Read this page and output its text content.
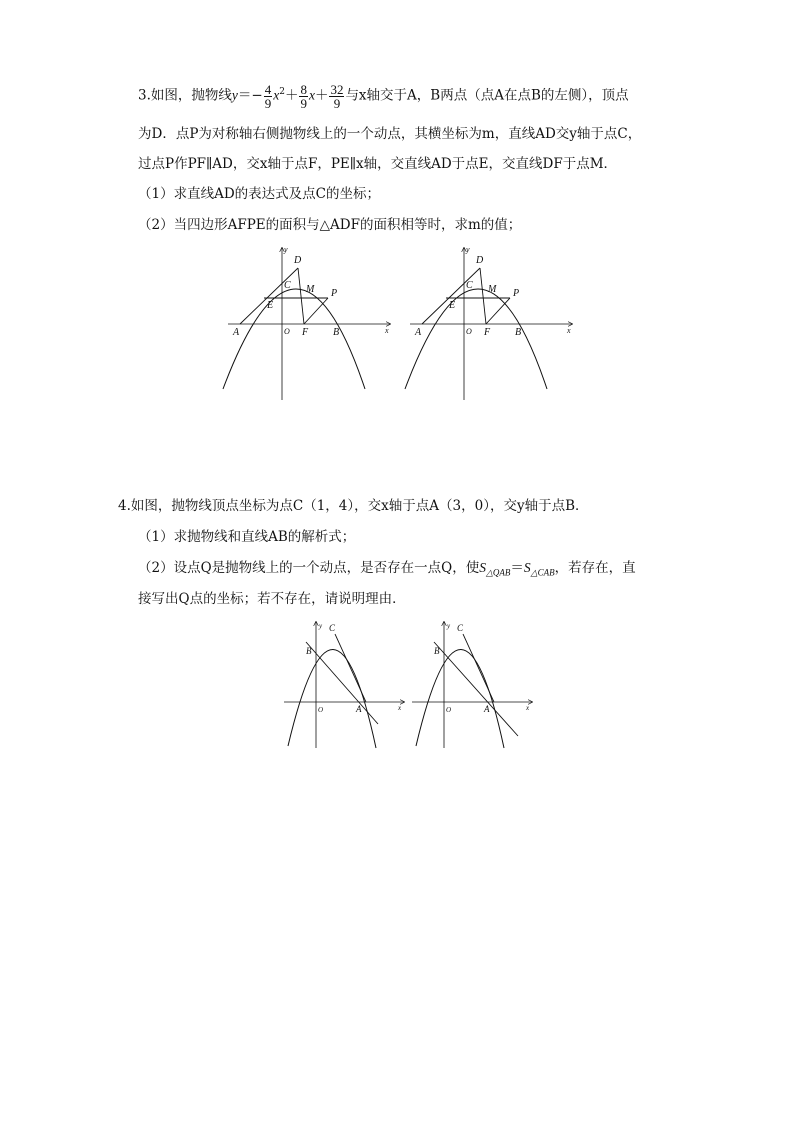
3.如图，抛物线$y=- \frac{4}{9} x^2+ \frac{8}{9} x+ \frac{32}{9}$ 与x轴交于A，B两点（点A在点B的左侧），顶点
为D．点P为对称轴右侧抛物线上的一个动点，其横坐标为m，直线AD交y轴于点C，
过点P作PF∥AD，交x轴于点F，PE∥x轴，交直线AD于点E，交直线DF于点M．
（1）求直线AD的表达式及点C的坐标；
（2）当四边形AFPE的面积与△ADF的面积相等时，求m的值；
y
x
D
C M P
E
A	O F B
y
x
D
C M P
E
A	O F B
4.如图，抛物线顶点坐标为点C（1，4），交x轴于点A（3，0），交y轴于点B．
（1）求抛物线和直线AB的解析式；
（2）设点Q是抛物线上的一个动点，是否存在一点Q，使$S_{\triangle QAB}=S_{\triangle CAB}$，若存在，直
接写出Q点的坐标；若不存在，请说明理由．
y
x
C
B
O	A
y
x
C
B
O	A
